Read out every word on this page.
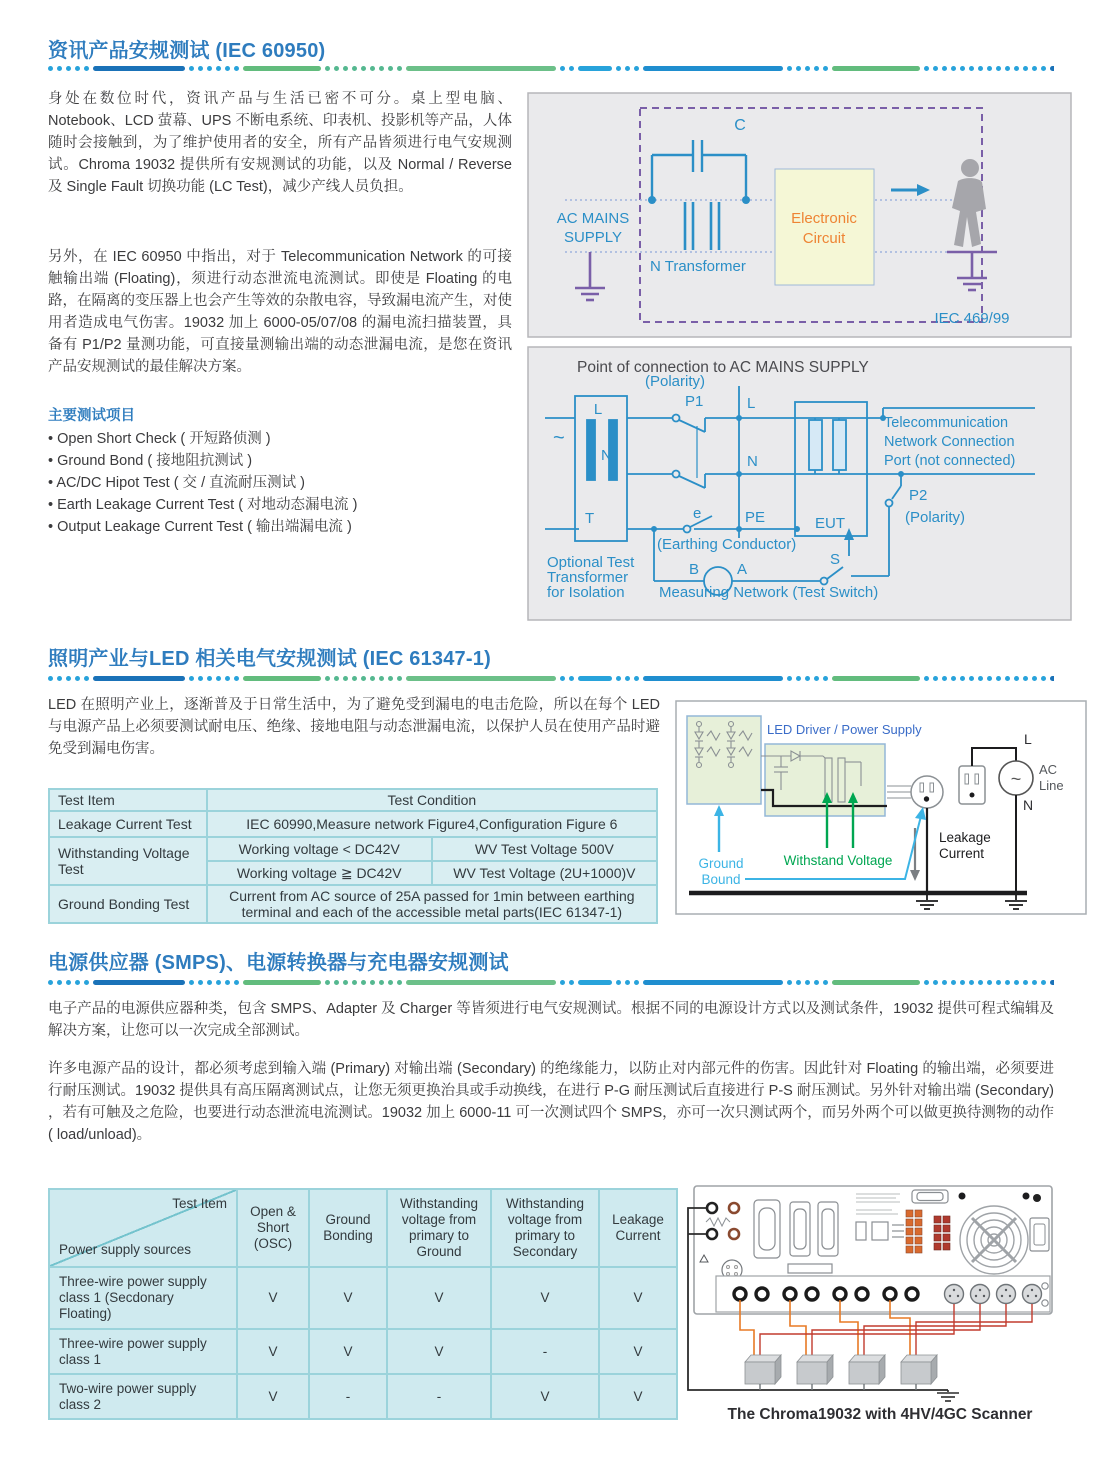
资讯产品安规测试 (IEC 60950)
身处在数位时代，资讯产品与生活已密不可分。桌上型电脑、Notebook、LCD 萤幕、UPS 不断电系统、印表机、投影机等产品，人体随时会接触到，为了维护使用者的安全，所有产品皆须进行电气安规测试。Chroma 19032 提供所有安规测试的功能，以及 Normal / Reverse 及 Single Fault 切换功能 (LC Test)，减少产线人员负担。
另外，在 IEC 60950 中指出，对于 Telecommunication Network 的可接触输出端 (Floating)，须进行动态泄流电流测试。即使是 Floating 的电路，在隔离的变压器上也会产生等效的杂散电容，导致漏电流产生，对使用者造成电气伤害。19032 加上 6000-05/07/08 的漏电流扫描装置，具备有 P1/P2 量测功能，可直接量测输出端的动态泄漏电流，是您在资讯产品安规测试的最佳解决方案。
主要测试项目
• Open Short Check ( 开短路侦测 )
• Ground Bond ( 接地阻抗测试 )
• AC/DC Hipot Test ( 交 / 直流耐压测试 )
• Earth Leakage Current Test ( 对地动态漏电流 )
• Output Leakage Current Test ( 输出端漏电流 )
C
N Transformer
AC MAINS
SUPPLY
Electronic
Circuit
IEC 469/99
Point of connection to AC MAINS SUPPLY
~
L
N
T
(Polarity)
P1	L
N
PE
e
(Earthing Conductor)
EUT
B	A
S
P2
(Polarity)
Measuring Network (Test Switch)
Optional Test
Transformer
for Isolation
Telecommunication
Network Connection
Port (not connected)
照明产业与LED 相关电气安规测试 (IEC 61347-1)
LED 在照明产业上，逐渐普及于日常生活中，为了避免受到漏电的电击危险，所以在每个 LED 与电源产品上必须要测试耐电压、绝缘、接地电阻与动态泄漏电流，以保护人员在使用产品时避免受到漏电伤害。
Test Item	Test Condition	
Leakage Current Test	IEC 60990,Measure network Figure4,Configuration Figure 6	
Withstanding Voltage Test	Working voltage < DC42V	WV Test Voltage 500V
	Working voltage ≧ DC42V	WV Test Voltage (2U+1000)V
Ground Bonding Test	Current from AC source of 25A passed for 1min between earthing terminal and each of the accessible metal parts(IEC 61347-1)	
LED Driver / Power Supply
~
L
AC
Line
N
Leakage
Current
Ground
Bound
Withstand Voltage
电源供应器 (SMPS)、电源转换器与充电器安规测试
电子产品的电源供应器种类，包含 SMPS、Adapter 及 Charger 等皆须进行电气安规测试。根据不同的电源设计方式以及测试条件，19032 提供可程式编辑及解决方案，让您可以一次完成全部测试。
许多电源产品的设计，都必须考虑到输入端 (Primary) 对输出端 (Secondary) 的绝缘能力，以防止对内部元件的伤害。因此针对 Floating 的输出端，必须要进行耐压测试。19032 提供具有高压隔离测试点，让您无须更换治具或手动换线，在进行 P-G 耐压测试后直接进行 P-S 耐压测试。另外针对输出端 (Secondary) ，若有可触及之危险，也要进行动态泄流电流测试。19032 加上 6000-11 可一次测试四个 SMPS，亦可一次只测试两个，而另外两个可以做更换待测物的动作 ( load/unload)。
Test Item
Power supply sources	Open & Short (OSC)	Ground Bonding	Withstanding voltage from primary to Ground	Withstanding voltage from primary to Secondary	Leakage Current
Three-wire power supply class 1 (Secdonary Floating)	V	V	V	V	V
Three-wire power supply class 1	V	V	V	-	V
Two-wire power supply class 2	V	-	-	V	V
The Chroma19032 with 4HV/4GC Scanner
